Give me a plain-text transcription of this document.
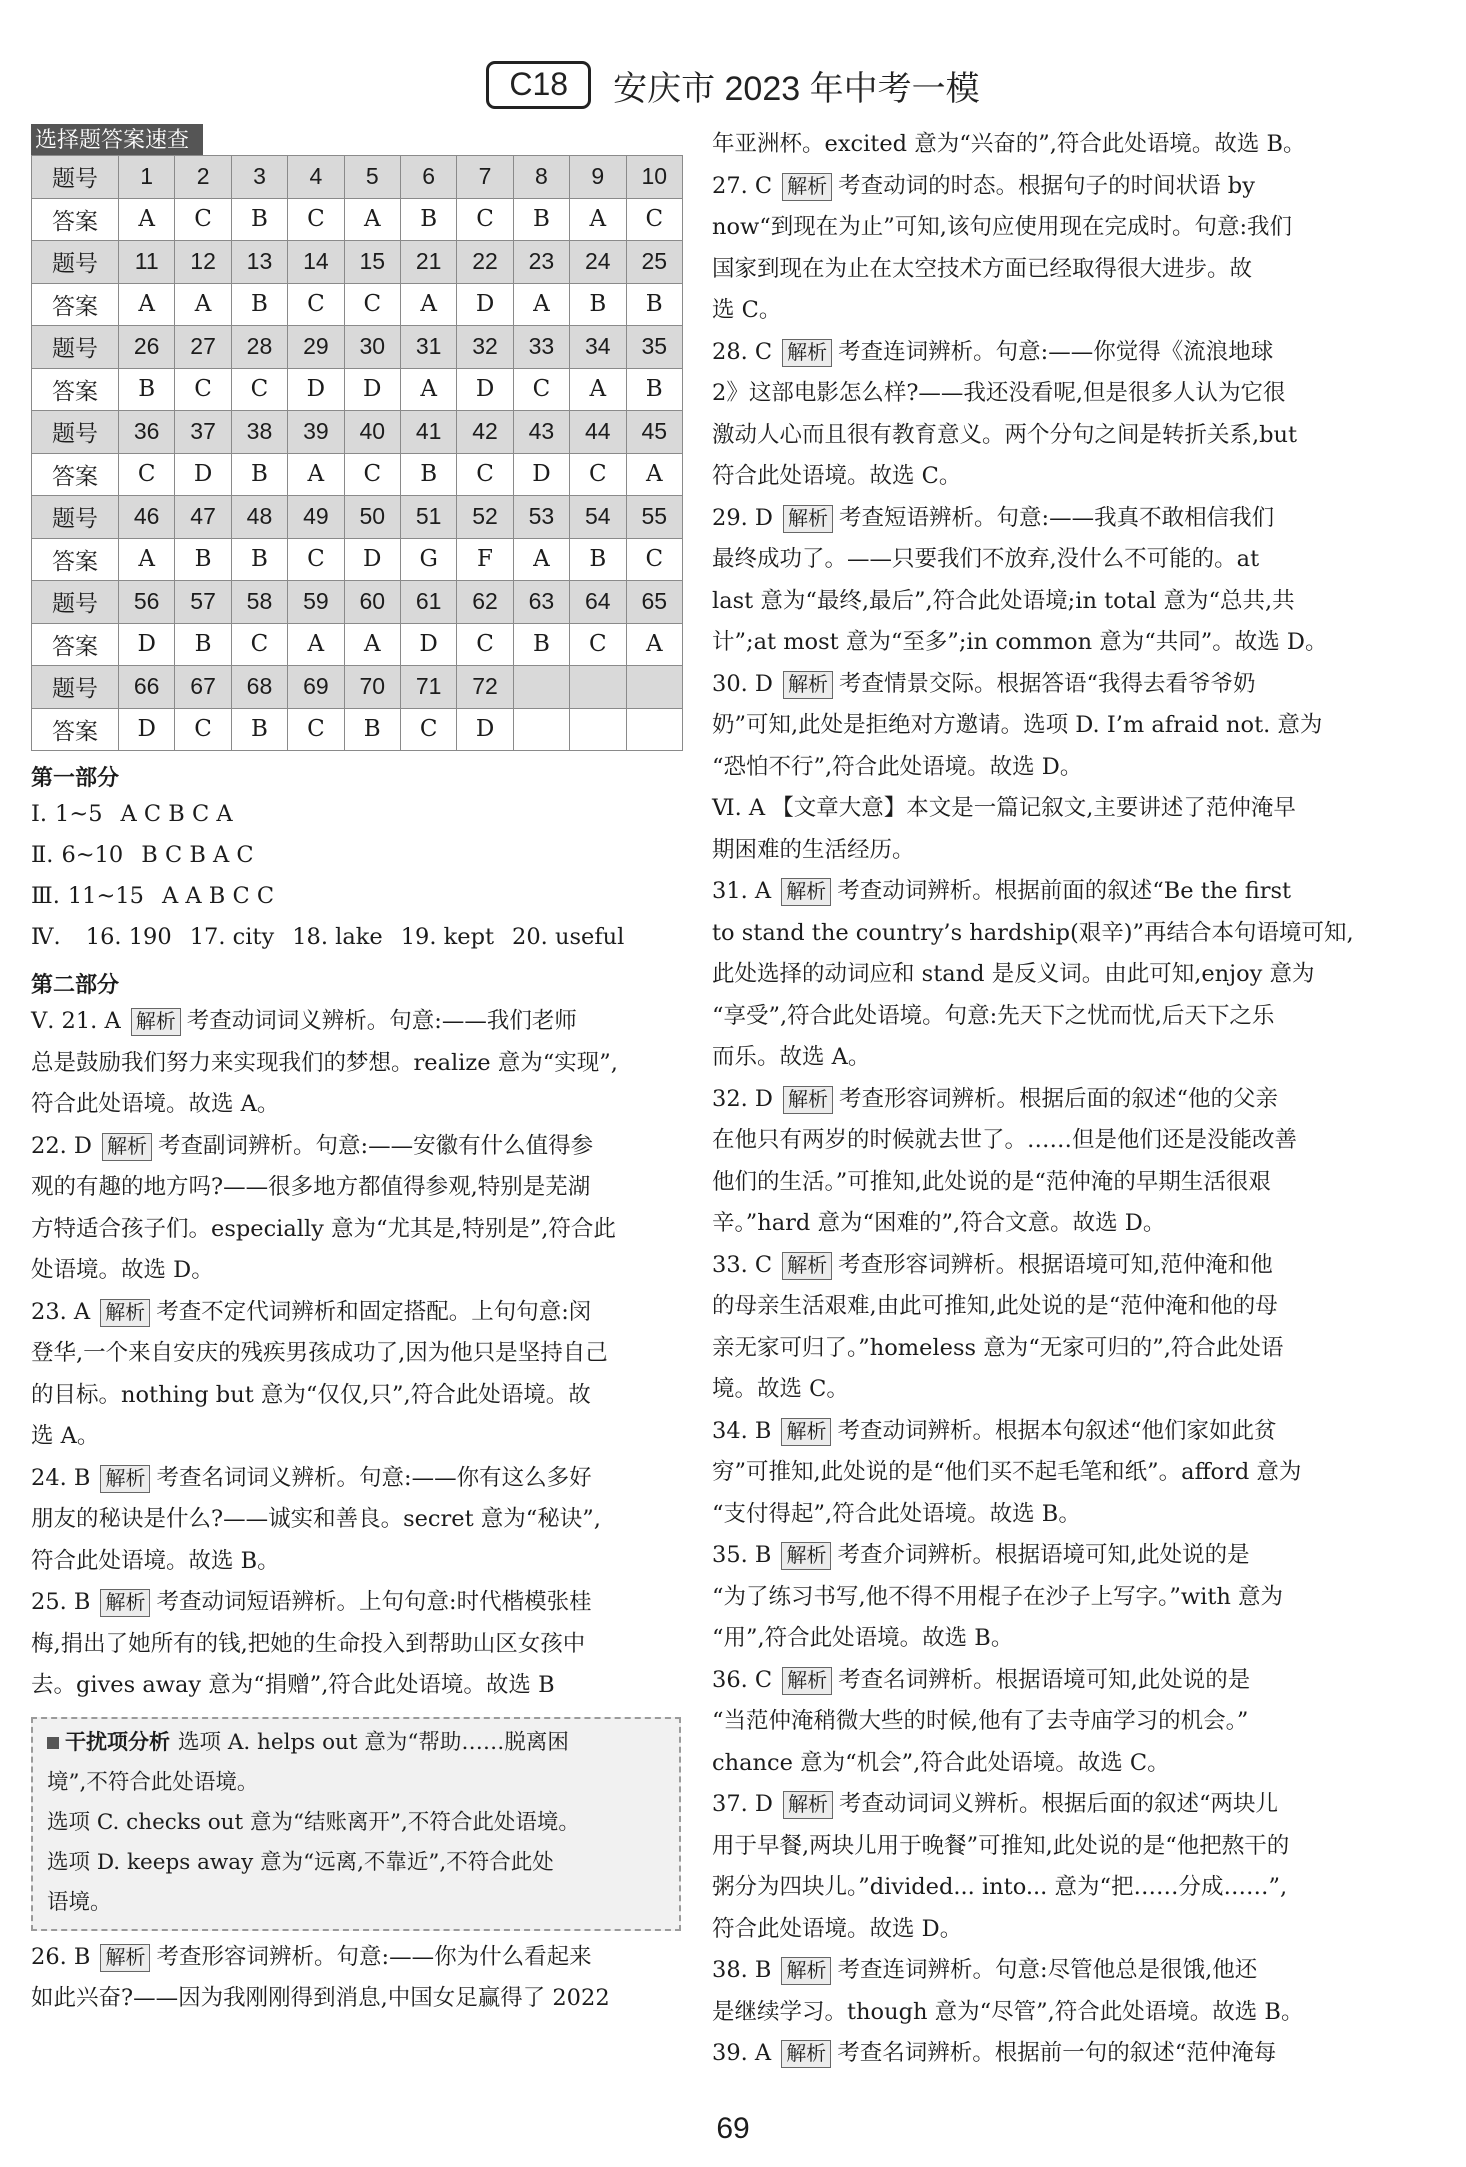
C18	安庆市 2023 年中考一模
选择题答案速查
题号	1	2	3	4	5	6	7	8	9	10
答案	A	C	B	C	A	B	C	B	A	C
题号	11	12	13	14	15	21	22	23	24	25
答案	A	A	B	C	C	A	D	A	B	B
题号	26	27	28	29	30	31	32	33	34	35
答案	B	C	C	D	D	A	D	C	A	B
题号	36	37	38	39	40	41	42	43	44	45
答案	C	D	B	A	C	B	C	D	C	A
题号	46	47	48	49	50	51	52	53	54	55
答案	A	B	B	C	D	G	F	A	B	C
题号	56	57	58	59	60	61	62	63	64	65
答案	D	B	C	A	A	D	C	B	C	A
题号	66	67	68	69	70	71	72			
答案	D	C	B	C	B	C	D			
第一部分
Ⅰ. 1~5 A C B C A
Ⅱ. 6~10 B C B A C
Ⅲ. 11~15 A A B C C
Ⅳ. 16. 190 17. city 18. lake 19. kept 20. useful
第二部分
Ⅴ. 21. A 解析 考查动词词义辨析。句意:——我们老师
总是鼓励我们努力来实现我们的梦想。realize 意为“实现”,
符合此处语境。故选 A。
22. D 解析 考查副词辨析。句意:——安徽有什么值得参
观的有趣的地方吗?——很多地方都值得参观,特别是芜湖
方特适合孩子们。especially 意为“尤其是,特别是”,符合此
处语境。故选 D。
23. A 解析 考查不定代词辨析和固定搭配。上句句意:闵
登华,一个来自安庆的残疾男孩成功了,因为他只是坚持自己
的目标。nothing but 意为“仅仅,只”,符合此处语境。故
选 A。
24. B 解析 考查名词词义辨析。句意:——你有这么多好
朋友的秘诀是什么?——诚实和善良。secret 意为“秘诀”,
符合此处语境。故选 B。
25. B 解析 考查动词短语辨析。上句句意:时代楷模张桂
梅,捐出了她所有的钱,把她的生命投入到帮助山区女孩中
去。gives away 意为“捐赠”,符合此处语境。故选 B
干扰项分析 选项 A. helps out 意为“帮助……脱离困
境”,不符合此处语境。
选项 C. checks out 意为“结账离开”,不符合此处语境。
选项 D. keeps away 意为“远离,不靠近”,不符合此处
语境。
26. B 解析 考查形容词辨析。句意:——你为什么看起来
如此兴奋?——因为我刚刚得到消息,中国女足赢得了 2022
年亚洲杯。excited 意为“兴奋的”,符合此处语境。故选 B。
27. C 解析 考查动词的时态。根据句子的时间状语 by
now“到现在为止”可知,该句应使用现在完成时。句意:我们
国家到现在为止在太空技术方面已经取得很大进步。故
选 C。
28. C 解析 考查连词辨析。句意:——你觉得《流浪地球
2》这部电影怎么样?——我还没看呢,但是很多人认为它很
激动人心而且很有教育意义。两个分句之间是转折关系,but
符合此处语境。故选 C。
29. D 解析 考查短语辨析。句意:——我真不敢相信我们
最终成功了。——只要我们不放弃,没什么不可能的。at
last 意为“最终,最后”,符合此处语境;in total 意为“总共,共
计”;at most 意为“至多”;in common 意为“共同”。故选 D。
30. D 解析 考查情景交际。根据答语“我得去看爷爷奶
奶”可知,此处是拒绝对方邀请。选项 D. I’m afraid not. 意为
“恐怕不行”,符合此处语境。故选 D。
Ⅵ. A 【文章大意】本文是一篇记叙文,主要讲述了范仲淹早
期困难的生活经历。
31. A 解析 考查动词辨析。根据前面的叙述“Be the first
to stand the country’s hardship(艰辛)”再结合本句语境可知,
此处选择的动词应和 stand 是反义词。由此可知,enjoy 意为
“享受”,符合此处语境。句意:先天下之忧而忧,后天下之乐
而乐。故选 A。
32. D 解析 考查形容词辨析。根据后面的叙述“他的父亲
在他只有两岁的时候就去世了。……但是他们还是没能改善
他们的生活。”可推知,此处说的是“范仲淹的早期生活很艰
辛。”hard 意为“困难的”,符合文意。故选 D。
33. C 解析 考查形容词辨析。根据语境可知,范仲淹和他
的母亲生活艰难,由此可推知,此处说的是“范仲淹和他的母
亲无家可归了。”homeless 意为“无家可归的”,符合此处语
境。故选 C。
34. B 解析 考查动词辨析。根据本句叙述“他们家如此贫
穷”可推知,此处说的是“他们买不起毛笔和纸”。afford 意为
“支付得起”,符合此处语境。故选 B。
35. B 解析 考查介词辨析。根据语境可知,此处说的是
“为了练习书写,他不得不用棍子在沙子上写字。”with 意为
“用”,符合此处语境。故选 B。
36. C 解析 考查名词辨析。根据语境可知,此处说的是
“当范仲淹稍微大些的时候,他有了去寺庙学习的机会。”
chance 意为“机会”,符合此处语境。故选 C。
37. D 解析 考查动词词义辨析。根据后面的叙述“两块儿
用于早餐,两块儿用于晚餐”可推知,此处说的是“他把熬干的
粥分为四块儿。”divided... into... 意为“把……分成……”,
符合此处语境。故选 D。
38. B 解析 考查连词辨析。句意:尽管他总是很饿,他还
是继续学习。though 意为“尽管”,符合此处语境。故选 B。
39. A 解析 考查名词辨析。根据前一句的叙述“范仲淹每
69
